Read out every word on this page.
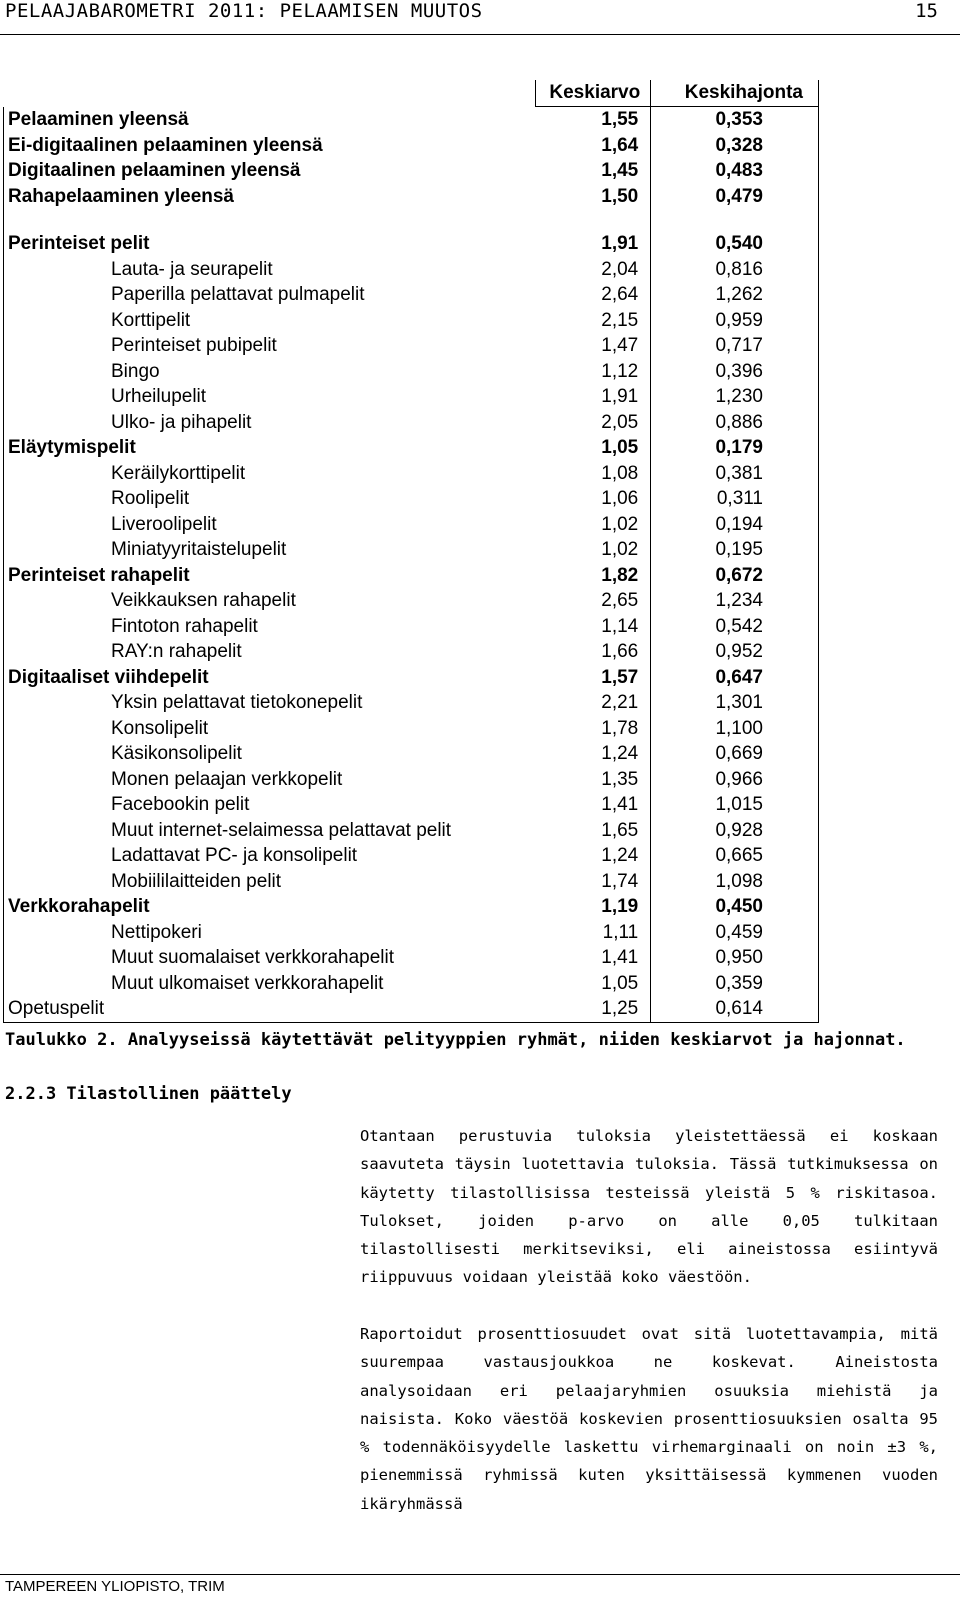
PELAAJABAROMETRI 2011: PELAAMISEN MUUTOS	15
	Keskiarvo	Keskihajonta
Pelaaminen yleensä	1,55	0,353
Ei-digitaalinen pelaaminen yleensä	1,64	0,328
Digitaalinen pelaaminen yleensä	1,45	0,483
Rahapelaaminen yleensä	1,50	0,479

Perinteiset pelit	1,91	0,540
Lauta- ja seurapelit	2,04	0,816
Paperilla pelattavat pulmapelit	2,64	1,262
Korttipelit	2,15	0,959
Perinteiset pubipelit	1,47	0,717
Bingo	1,12	0,396
Urheilupelit	1,91	1,230
Ulko- ja pihapelit	2,05	0,886
Eläytymispelit	1,05	0,179
Keräilykorttipelit	1,08	0,381
Roolipelit	1,06	0,311
Liveroolipelit	1,02	0,194
Miniatyyritaistelupelit	1,02	0,195
Perinteiset rahapelit	1,82	0,672
Veikkauksen rahapelit	2,65	1,234
Fintoton rahapelit	1,14	0,542
RAY:n rahapelit	1,66	0,952
Digitaaliset viihdepelit	1,57	0,647
Yksin pelattavat tietokonepelit	2,21	1,301
Konsolipelit	1,78	1,100
Käsikonsolipelit	1,24	0,669
Monen pelaajan verkkopelit	1,35	0,966
Facebookin pelit	1,41	1,015
Muut internet-selaimessa pelattavat pelit	1,65	0,928
Ladattavat PC- ja konsolipelit	1,24	0,665
Mobiililaitteiden pelit	1,74	1,098
Verkkorahapelit	1,19	0,450
Nettipokeri	1,11	0,459
Muut suomalaiset verkkorahapelit	1,41	0,950
Muut ulkomaiset verkkorahapelit	1,05	0,359
Opetuspelit	1,25	0,614
Taulukko 2. Analyyseissä käytettävät pelityyppien ryhmät, niiden keskiarvot ja hajonnat.
2.2.3 Tilastollinen päättely

Otantaan perustuvia tuloksia yleistettäessä ei koskaan saavuteta täysin luotettavia tuloksia. Tässä tutkimuksessa on käytetty tilastollisissa testeissä yleistä 5 % riskitasoa. Tulokset, joiden p-arvo on alle 0,05 tulkitaan tilastollisesti merkitseviksi, eli aineistossa esiintyvä riippuvuus voidaan yleistää koko väestöön.

Raportoidut prosenttiosuudet ovat sitä luotettavampia, mitä suurempaa vastausjoukkoa ne koskevat. Aineistosta analysoidaan eri pelaajaryhmien osuuksia miehistä ja naisista. Koko väestöä koskevien prosenttiosuuksien osalta 95 % todennäköisyydelle laskettu virhemarginaali on noin ±3 %, pienemmissä ryhmissä kuten yksittäisessä kymmenen vuoden ikäryhmässä

TAMPEREEN YLIOPISTO, TRIM
